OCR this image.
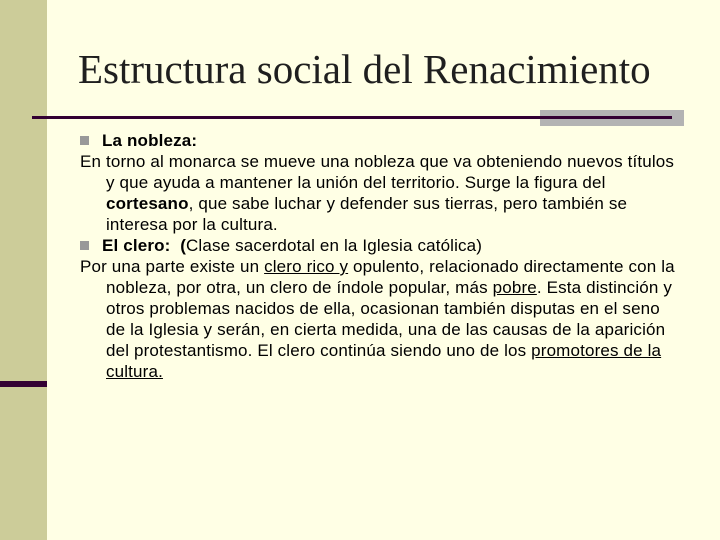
Estructura social del Renacimiento

La nobleza:

En torno al monarca se mueve una nobleza que va obteniendo nuevos títulos y que ayuda a mantener la unión del territorio. Surge la figura del cortesano, que sabe luchar y defender sus tierras, pero también se interesa por la cultura.

El clero: (Clase sacerdotal en la Iglesia católica)

Por una parte existe un clero rico y opulento, relacionado directamente con la nobleza, por otra, un clero de índole popular, más pobre. Esta distinción y otros problemas nacidos de ella, ocasionan también disputas en el seno de la Iglesia y serán, en cierta medida, una de las causas de la aparición del protestantismo. El clero continúa siendo uno de los promotores de la cultura.
